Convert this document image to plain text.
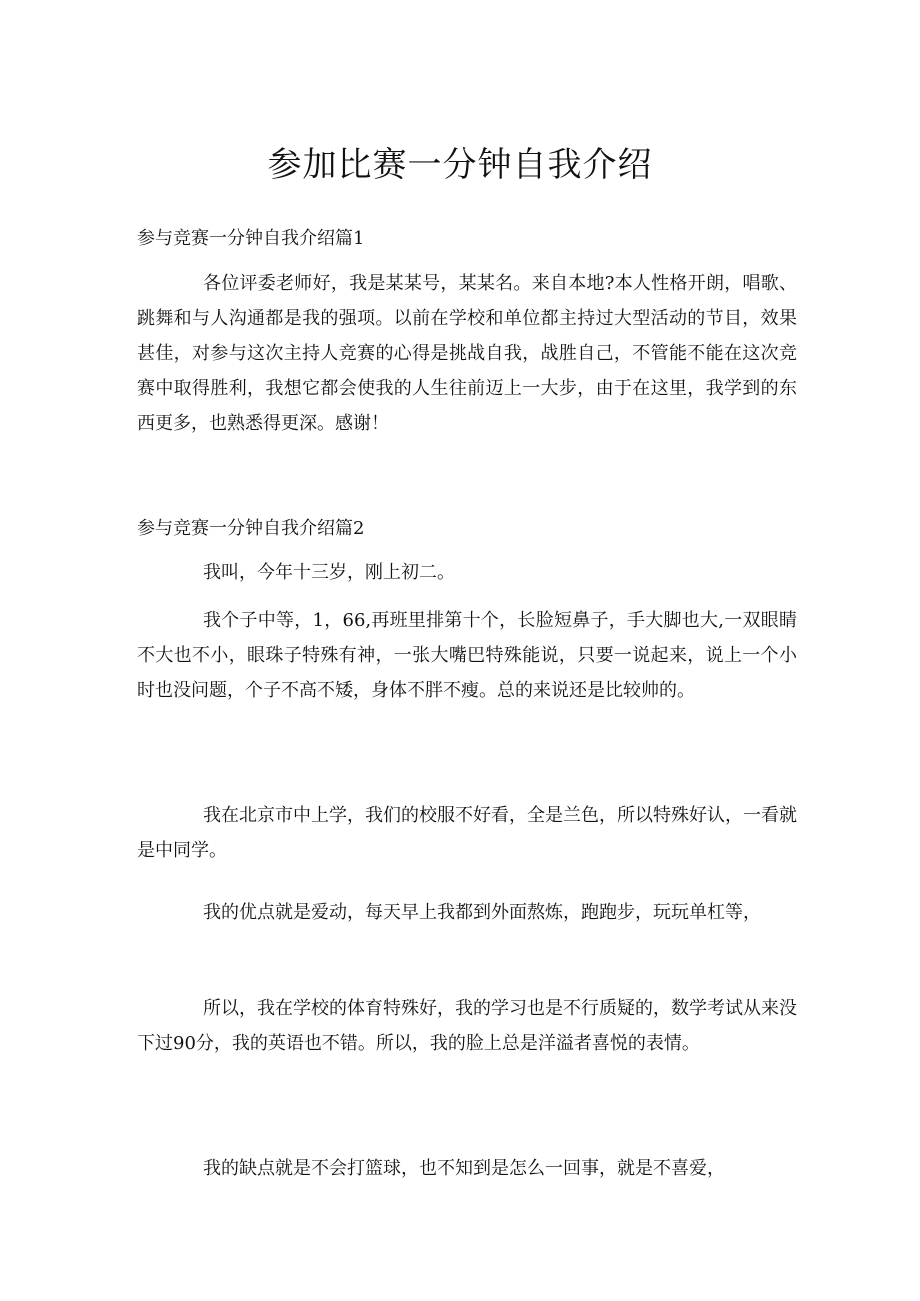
参加比赛一分钟自我介绍
参与竞赛一分钟自我介绍篇1

各位评委老师好，我是某某号，某某名。来自本地?本人性格开朗，唱歌、跳舞和与人沟通都是我的强项。以前在学校和单位都主持过大型活动的节目，效果甚佳，对参与这次主持人竞赛的心得是挑战自我，战胜自己，不管能不能在这次竞赛中取得胜利，我想它都会使我的人生往前迈上一大步，由于在这里，我学到的东西更多，也熟悉得更深。感谢！

参与竞赛一分钟自我介绍篇2

我叫，今年十三岁，刚上初二。

我个子中等，1，66,再班里排第十个，长脸短鼻子，手大脚也大,一双眼睛不大也不小，眼珠子特殊有神，一张大嘴巴特殊能说，只要一说起来，说上一个小时也没问题，个子不高不矮，身体不胖不瘦。总的来说还是比较帅的。

我在北京市中上学，我们的校服不好看，全是兰色，所以特殊好认，一看就是中同学。

我的优点就是爱动，每天早上我都到外面熬炼，跑跑步，玩玩单杠等，

所以，我在学校的体育特殊好，我的学习也是不行质疑的，数学考试从来没下过90分，我的英语也不错。所以，我的脸上总是洋溢者喜悦的表情。

我的缺点就是不会打篮球，也不知到是怎么一回事，就是不喜爱，
